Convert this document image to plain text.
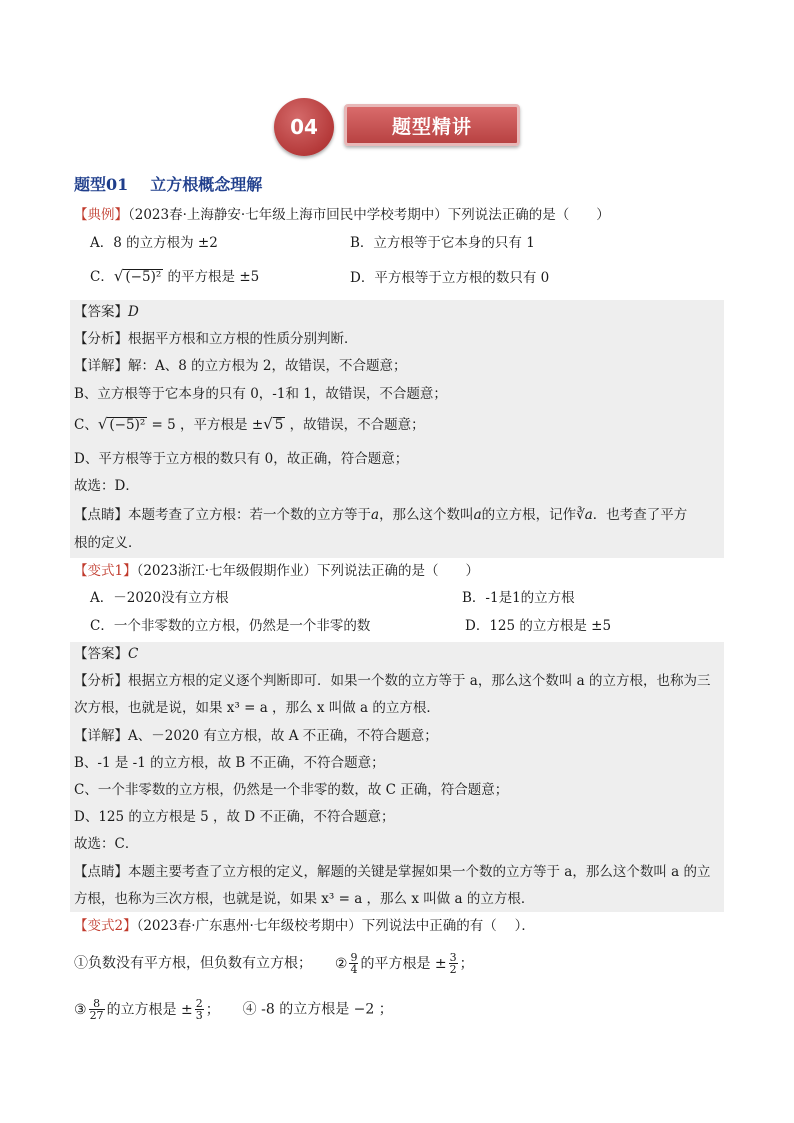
04	题型精讲
题型01 立方根概念理解
【典例】（2023春·上海静安·七年级上海市回民中学校考期中）下列说法正确的是（　　）
A．8 的立方根为 ±2	B．立方根等于它本身的只有 1
C．√ (−5)² 的平方根是 ±5	D．平方根等于立方根的数只有 0
【答案】D
【分析】根据平方根和立方根的性质分别判断．
【详解】解：A、8 的立方根为 2，故错误，不合题意；
B、立方根等于它本身的只有 0，-1和 1，故错误，不合题意；
C、√ (−5)² = 5 ，平方根是 ±√ 5 ，故错误，不合题意；
D、平方根等于立方根的数只有 0，故正确，符合题意；
故选：D．
【点睛】本题考查了立方根：若一个数的立方等于a，那么这个数叫a的立方根，记作∛a．也考查了平方
根的定义．
【变式1】（2023浙江·七年级假期作业）下列说法正确的是（　　）
A．－2020没有立方根	B．-1是1的立方根
C．一个非零数的立方根，仍然是一个非零的数	D．125 的立方根是 ±5
【答案】C
【分析】根据立方根的定义逐个判断即可．如果一个数的立方等于 a，那么这个数叫 a 的立方根，也称为三
次方根，也就是说，如果 x³ = a ，那么 x 叫做 a 的立方根．
【详解】A、－2020 有立方根，故 A 不正确，不符合题意；
B、-1 是 -1 的立方根，故 B 不正确，不符合题意；
C、一个非零数的立方根，仍然是一个非零的数，故 C 正确，符合题意；
D、125 的立方根是 5 ，故 D 不正确，不符合题意；
故选：C．
【点睛】本题主要考查了立方根的定义，解题的关键是掌握如果一个数的立方等于 a，那么这个数叫 a 的立
方根，也称为三次方根，也就是说，如果 x³ = a ，那么 x 叫做 a 的立方根．
【变式2】（2023春·广东惠州·七年级校考期中）下列说法中正确的有（　 ）．
①负数没有平方根，但负数有立方根； ② $\frac{9}{4}$ 的平方根是 ± $\frac{3}{2}$ ；
③ $\frac{8}{27}$ 的立方根是 ± $\frac{2}{3}$ ； ④ -8 的立方根是 −2 ；
